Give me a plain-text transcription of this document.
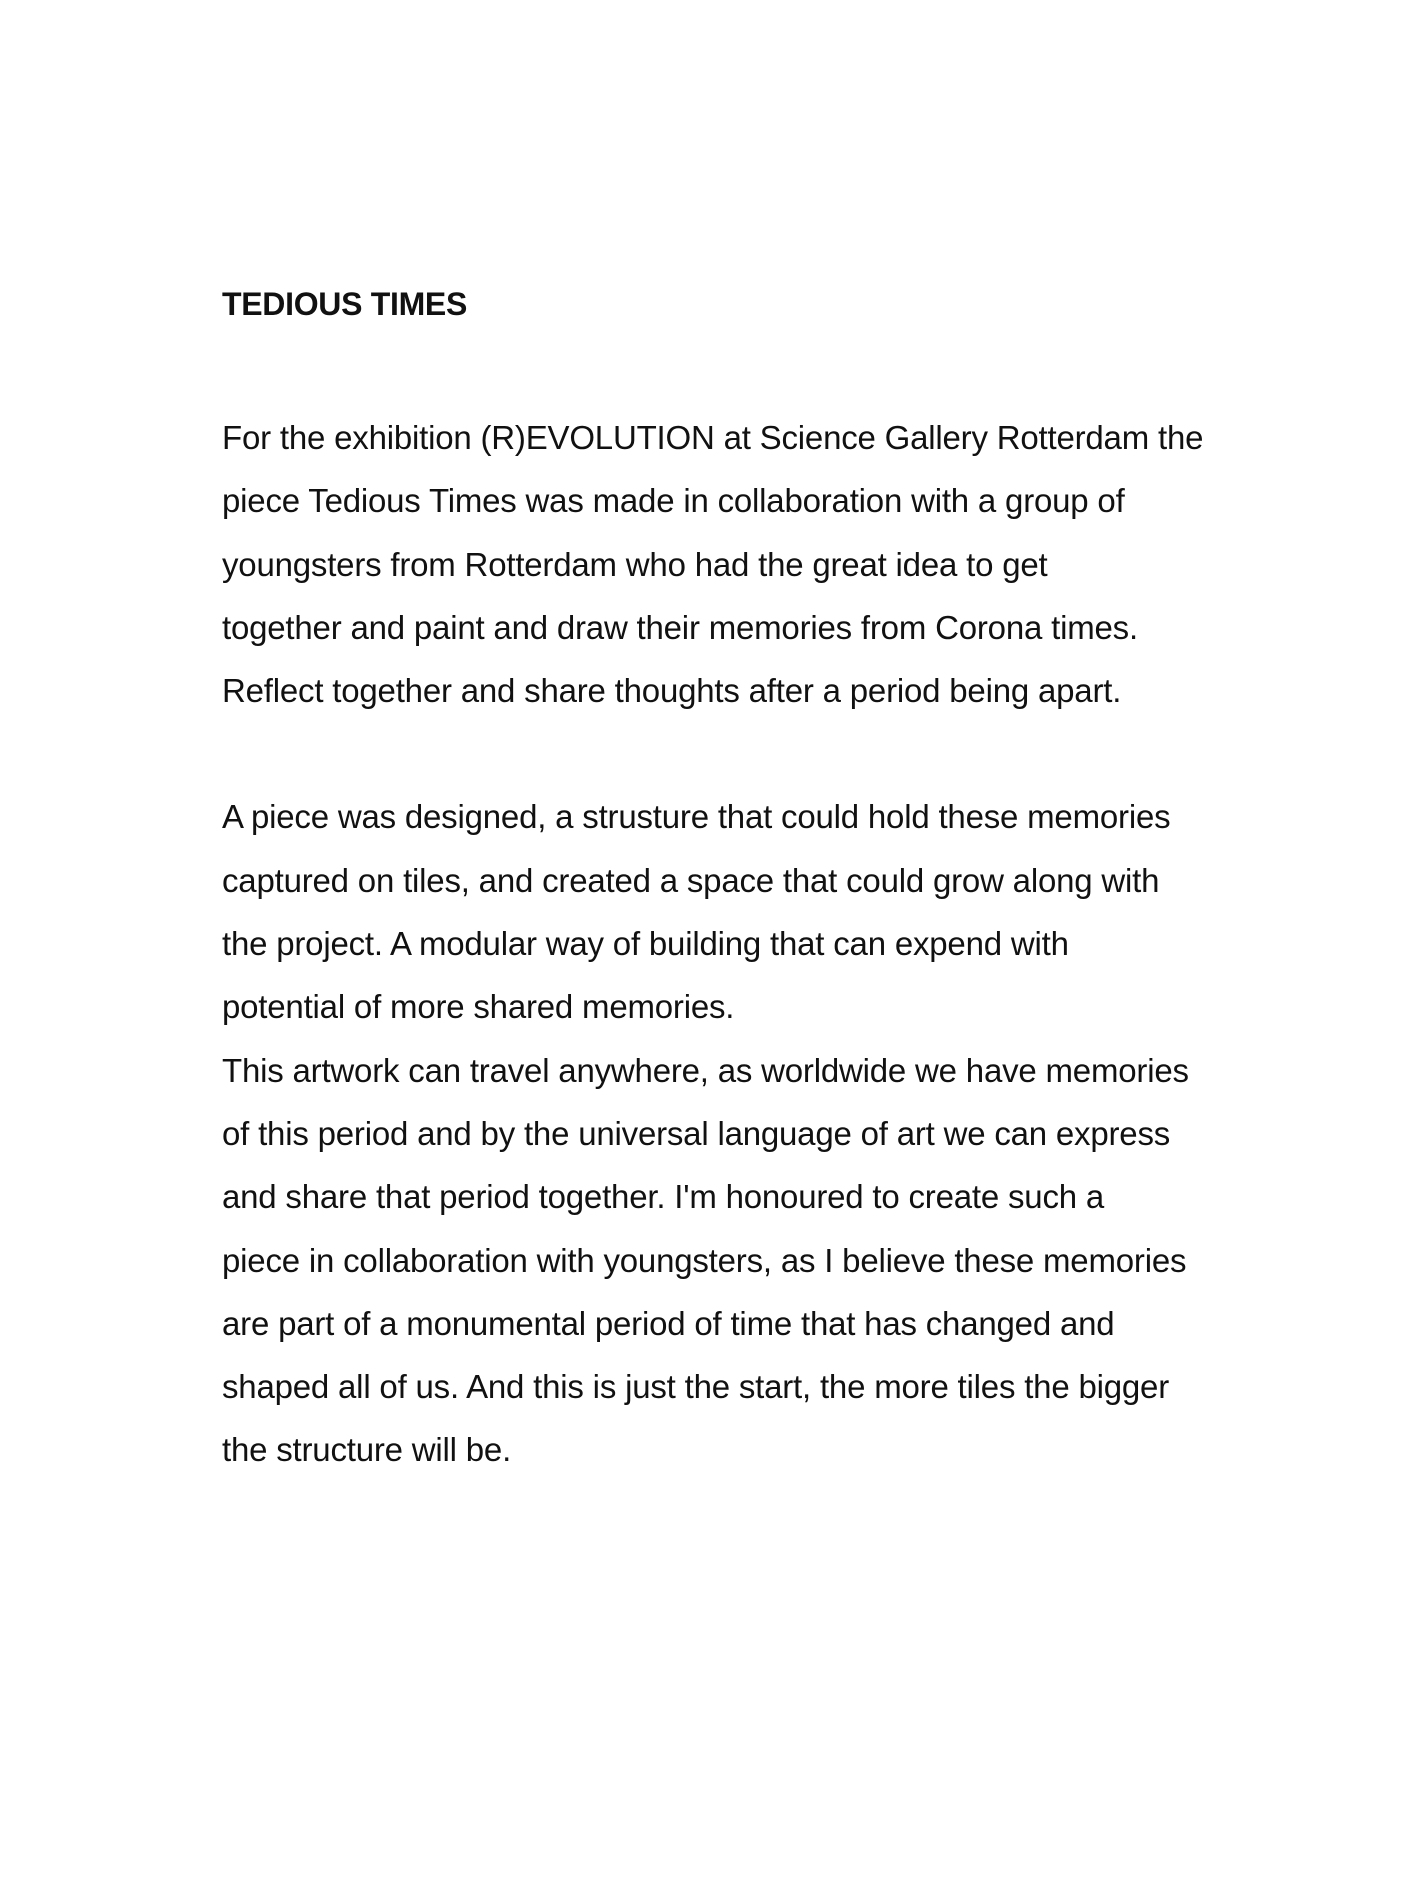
TEDIOUS TIMES

For the exhibition (R)EVOLUTION at Science Gallery Rotterdam the
piece Tedious Times was made in collaboration with a group of
youngsters from Rotterdam who had the great idea to get
together and paint and draw their memories from Corona times.
Reflect together and share thoughts after a period being apart.

A piece was designed, a strusture that could hold these memories
captured on tiles, and created a space that could grow along with
the project. A modular way of building that can expend with
potential of more shared memories.
This artwork can travel anywhere, as worldwide we have memories
of this period and by the universal language of art we can express
and share that period together. I'm honoured to create such a
piece in collaboration with youngsters, as I believe these memories
are part of a monumental period of time that has changed and
shaped all of us. And this is just the start, the more tiles the bigger
the structure will be.
